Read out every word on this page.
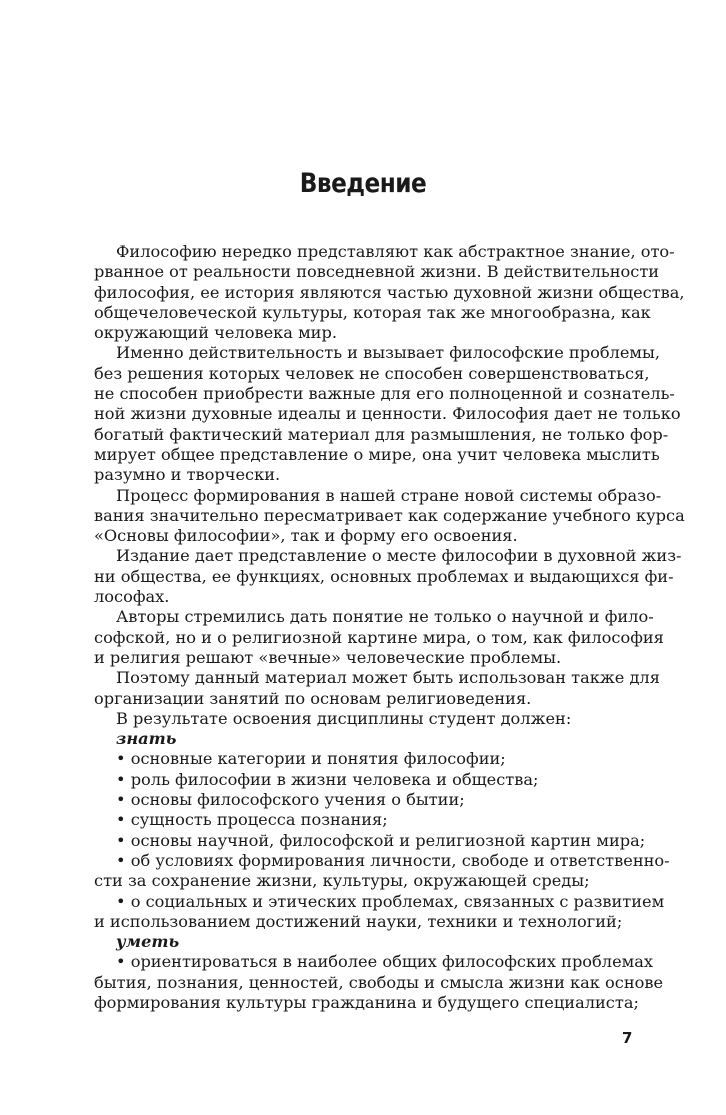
Введение
Философию нередко представляют как абстрактное знание, ото-
рванное от реальности повседневной жизни. В действительности
философия, ее история являются частью духовной жизни общества,
общечеловеческой культуры, которая так же многообразна, как
окружающий человека мир.
Именно действительность и вызывает философские проблемы,
без решения которых человек не способен совершенствоваться,
не способен приобрести важные для его полноценной и сознатель-
ной жизни духовные идеалы и ценности. Философия дает не только
богатый фактический материал для размышления, не только фор-
мирует общее представление о мире, она учит человека мыслить
разумно и творчески.
Процесс формирования в нашей стране новой системы образо-
вания значительно пересматривает как содержание учебного курса
«Основы философии», так и форму его освоения.
Издание дает представление о месте философии в духовной жиз-
ни общества, ее функциях, основных проблемах и выдающихся фи-
лософах.
Авторы стремились дать понятие не только о научной и фило-
софской, но и о религиозной картине мира, о том, как философия
и религия решают «вечные» человеческие проблемы.
Поэтому данный материал может быть использован также для
организации занятий по основам религиоведения.
В результате освоения дисциплины студент должен:
знать
• основные категории и понятия философии;
• роль философии в жизни человека и общества;
• основы философского учения о бытии;
• сущность процесса познания;
• основы научной, философской и религиозной картин мира;
• об условиях формирования личности, свободе и ответственно-
сти за сохранение жизни, культуры, окружающей среды;
• о социальных и этических проблемах, связанных с развитием
и использованием достижений науки, техники и технологий;
уметь
• ориентироваться в наиболее общих философских проблемах
бытия, познания, ценностей, свободы и смысла жизни как основе
формирования культуры гражданина и будущего специалиста;
7
